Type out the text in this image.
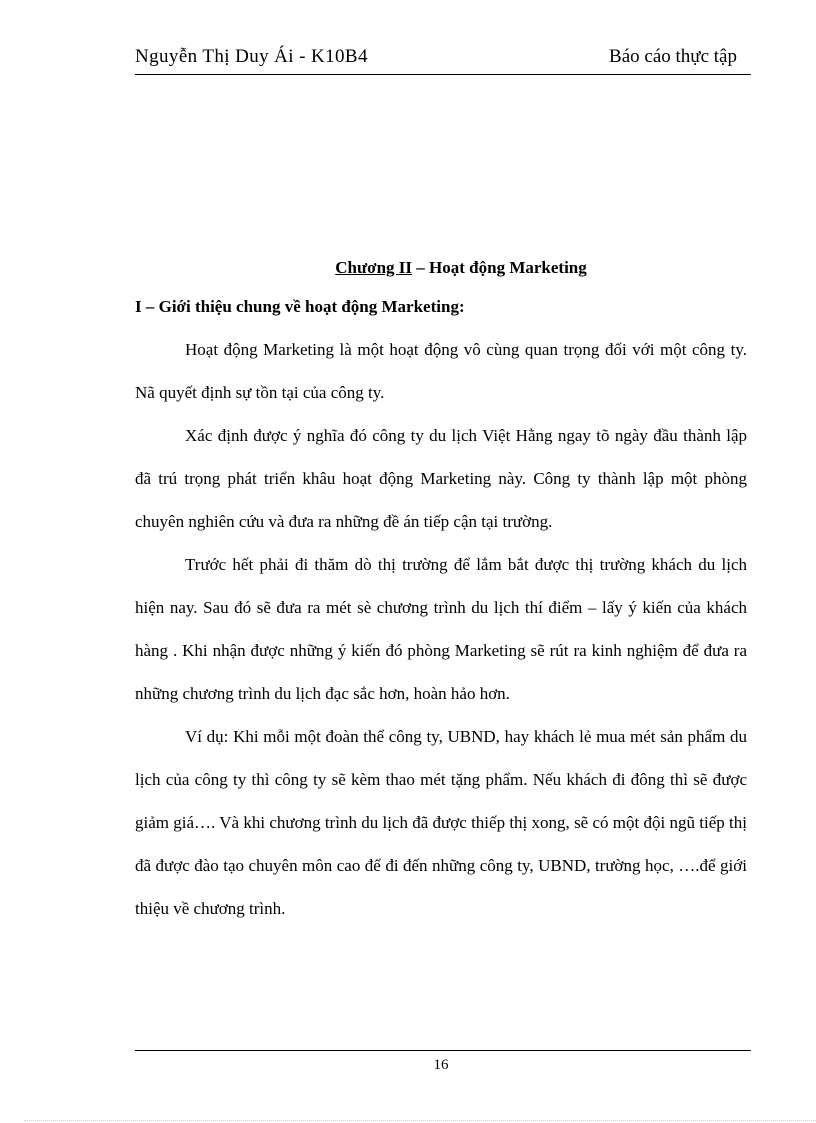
Nguyễn Thị Duy Ái - K10B4	Báo cáo thực tập
Chương II – Hoạt động Marketing
I – Giới thiệu chung về hoạt động Marketing:

Hoạt động Marketing là một hoạt động vô cùng quan trọng đối với một công ty. Nã quyết định sự tồn tại của công ty.

Xác định được ý nghĩa đó công ty du lịch Việt Hằng ngay tõ ngày đầu thành lập đã trú trọng phát triển khâu hoạt động Marketing này. Công ty thành lập một phòng chuyên nghiên cứu và đưa ra những đề án tiếp cận tại trường.

Trước hết phải đi thăm dò thị trường để lắm bắt được thị trường khách du lịch hiện nay. Sau đó sẽ đưa ra mét sè chương trình du lịch thí điểm – lấy ý kiến của khách hàng . Khi nhận được những ý kiến đó phòng Marketing sẽ rút ra kinh nghiệm để đưa ra những chương trình du lịch đạc sắc hơn, hoàn hảo hơn.

Ví dụ: Khi mỗi một đoàn thể công ty, UBND, hay khách lẻ mua mét sản phẩm du lịch của công ty thì công ty sẽ kèm thao mét tặng phẩm. Nếu khách đi đông thì sẽ được giảm giá…. Và khi chương trình du lịch đã được thiếp thị xong, sẽ có một đội ngũ tiếp thị đã được đào tạo chuyên môn cao để đi đến những công ty, UBND, trường học, ….để giới thiệu về chương trình.

16
